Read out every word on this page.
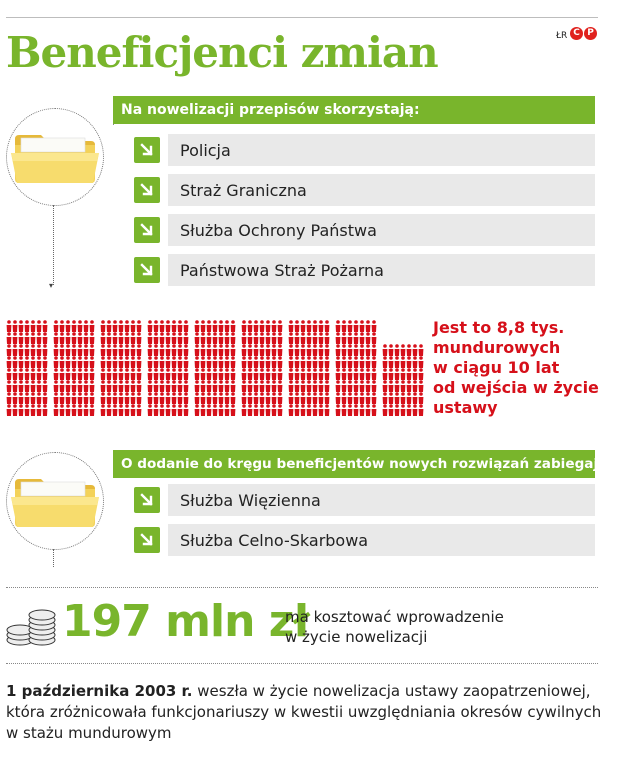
Beneficjenci zmian	ŁR C P
▾
Na nowelizacji przepisów skorzystają:
Policja
Straż Graniczna
Służba Ochrony Państwa
Państwowa Straż Pożarna
Jest to 8,8 tys.
mundurowych
w ciągu 10 lat
od wejścia w życie
ustawy
O dodanie do kręgu beneficjentów nowych rozwiązań zabiegają:
Służba Więzienna
Służba Celno-Skarbowa
197 mln zł
ma kosztować wprowadzenie
w życie nowelizacji
1 października 2003 r. weszła w życie nowelizacja ustawy zaopatrzeniowej,
która zróżnicowała funkcjonariuszy w kwestii uwzględniania okresów cywilnych
w stażu mundurowym
